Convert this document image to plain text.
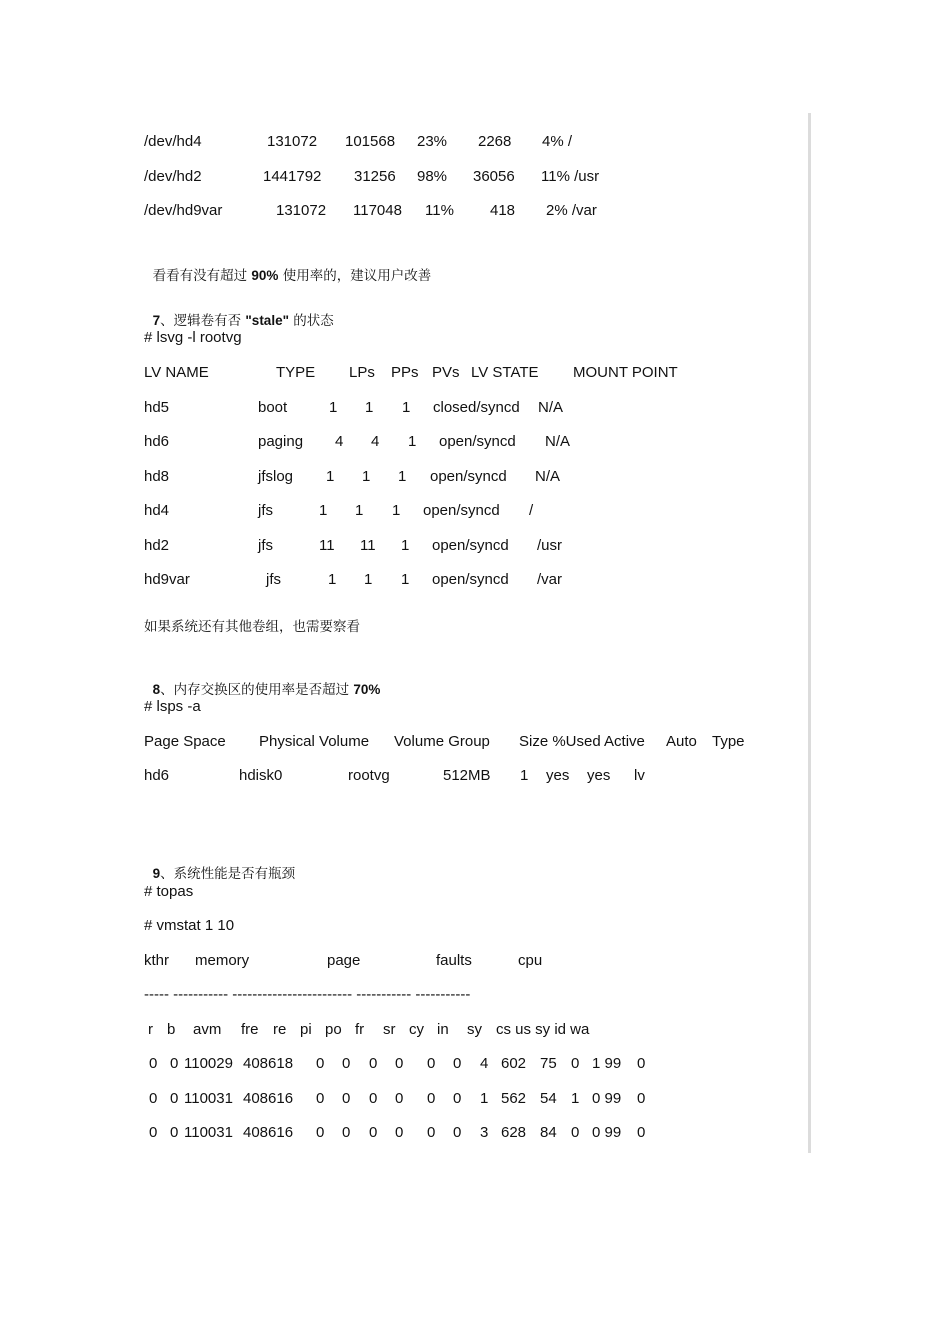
/dev/hd4	131072 101568 23% 2268 4% /
/dev/hd2	1441792 31256 98% 36056 11% /usr
/dev/hd9var	131072 117048 11% 418 2% /var

看看有没有超过 90% 使用率的，建议用户改善

7、逻辑卷有否 "stale" 的状态

# lsvg -l rootvg
LV NAME	TYPE LPs PPs PVs LV STATE MOUNT POINT
hd5	boot	1 1 1 closed/syncd N/A
hd6	paging 4 4 1 open/syncd N/A
hd8	jfslog 1 1 1 open/syncd N/A
hd4	jfs	1 1 1 open/syncd /
hd2	jfs	11 11 1 open/syncd /usr
hd9var	jfs	1 1 1 open/syncd /var
如果系统还有其他卷组，也需要察看

8、内存交换区的使用率是否超过 70%

# lsps -a
Page Space Physical Volume Volume Group Size %Used Active Auto Type
hd6	hdisk0	rootvg	512MB 1 yes yes lv

9、系统性能是否有瓶颈

# topas
# vmstat 1 10
kthr memory	page	faults	cpu
----- ----------- ------------------------ ----------- -----------
r b avm fre re pi po fr sr cy in sy cs us sy id wa
0 0 110029 408618 0 0 0 0 0 0 4 602 75 0 1 99 0
0 0 110031 408616 0 0 0 0 0 0 1 562 54 1 0 99 0
0 0 110031 408616 0 0 0 0 0 0 3 628 84 0 0 99 0
